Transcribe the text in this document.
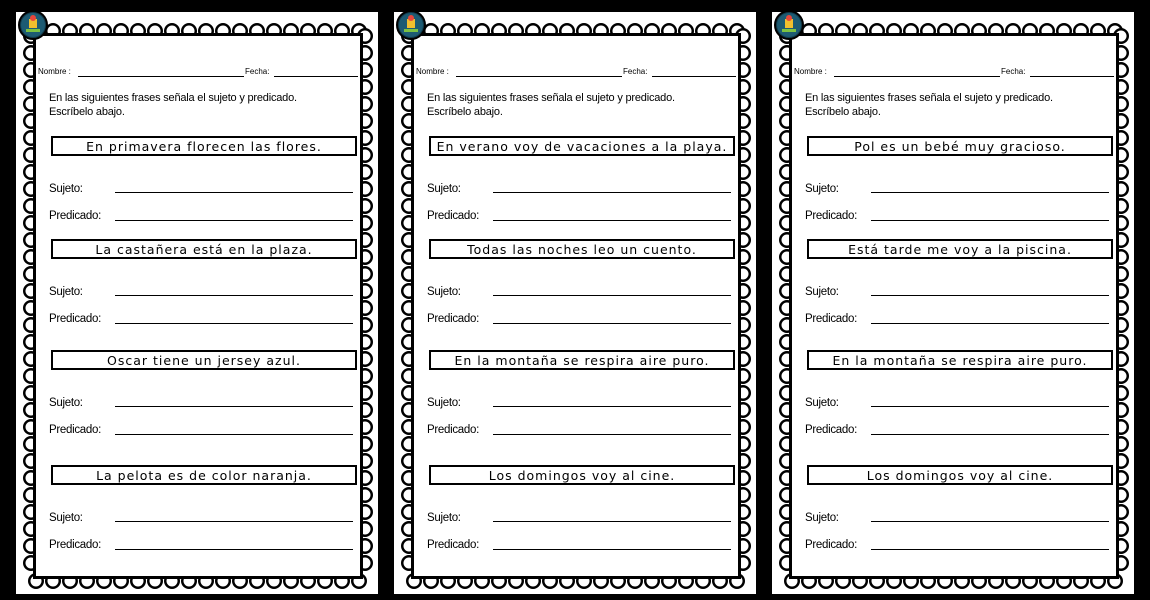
Nombre :	Fecha:
En las siguientes frases señala el sujeto y predicado.
Escríbelo abajo.
En primavera florecen las flores.
Sujeto:
Predicado:
La castañera está en la plaza.
Sujeto:
Predicado:
Oscar tiene un jersey azul.
Sujeto:
Predicado:
La pelota es de color naranja.
Sujeto:
Predicado:
Nombre :	Fecha:
En las siguientes frases señala el sujeto y predicado.
Escríbelo abajo.
En verano voy de vacaciones a la playa.
Sujeto:
Predicado:
Todas las noches leo un cuento.
Sujeto:
Predicado:
En la montaña se respira aire puro.
Sujeto:
Predicado:
Los domingos voy al cine.
Sujeto:
Predicado:
Nombre :	Fecha:
En las siguientes frases señala el sujeto y predicado.
Escríbelo abajo.
Pol es un bebé muy gracioso.
Sujeto:
Predicado:
Está tarde me voy a la piscina.
Sujeto:
Predicado:
En la montaña se respira aire puro.
Sujeto:
Predicado:
Los domingos voy al cine.
Sujeto:
Predicado:
